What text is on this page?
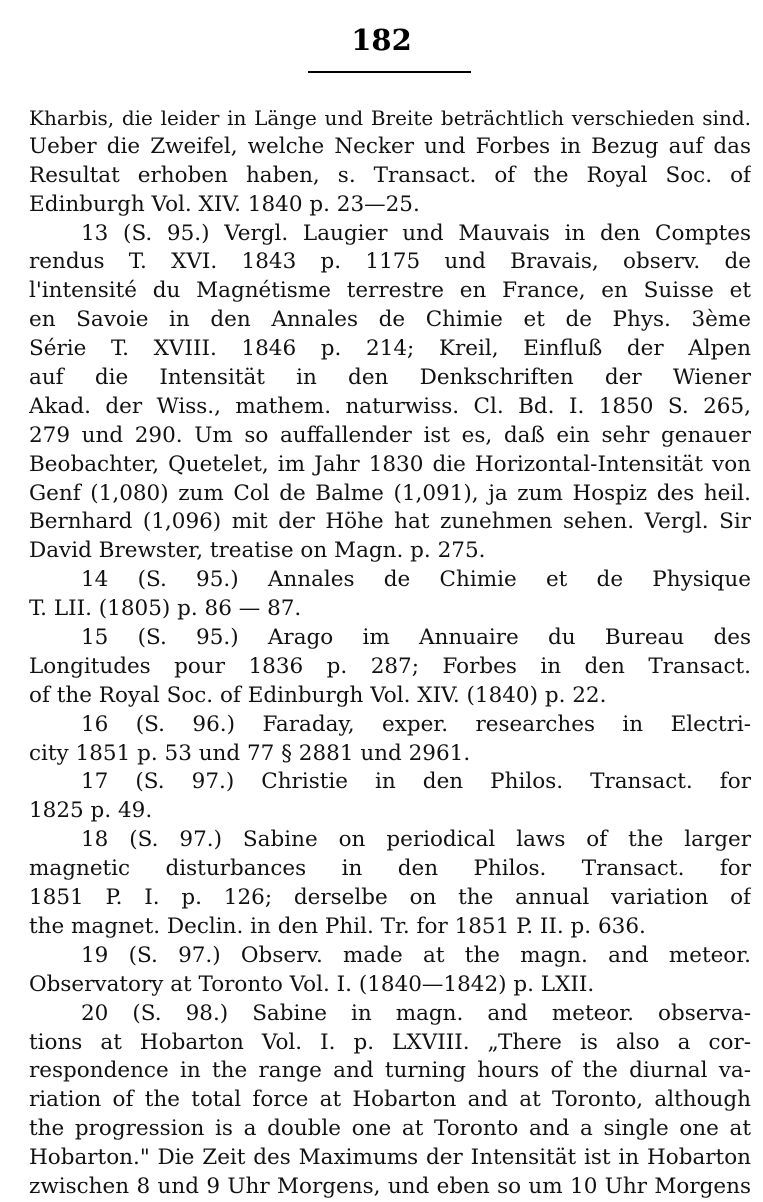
182
Kharbis, die leider in Länge und Breite beträchtlich verschieden sind.
Ueber die Zweifel, welche Necker und Forbes in Bezug auf das
Resultat erhoben haben, s. Transact. of the Royal Soc. of
Edinburgh Vol. XIV. 1840 p. 23—25.
13 (S. 95.) Vergl. Laugier und Mauvais in den Comptes
rendus T. XVI. 1843 p. 1175 und Bravais, observ. de
l'intensité du Magnétisme terrestre en France, en Suisse et
en Savoie in den Annales de Chimie et de Phys. 3ème
Série T. XVIII. 1846 p. 214; Kreil, Einfluß der Alpen
auf die Intensität in den Denkschriften der Wiener
Akad. der Wiss., mathem. naturwiss. Cl. Bd. I. 1850 S. 265,
279 und 290. Um so auffallender ist es, daß ein sehr genauer
Beobachter, Quetelet, im Jahr 1830 die Horizontal-Intensität von
Genf (1,080) zum Col de Balme (1,091), ja zum Hospiz des heil.
Bernhard (1,096) mit der Höhe hat zunehmen sehen. Vergl. Sir
David Brewster, treatise on Magn. p. 275.
14 (S. 95.) Annales de Chimie et de Physique
T. LII. (1805) p. 86 — 87.
15 (S. 95.) Arago im Annuaire du Bureau des
Longitudes pour 1836 p. 287; Forbes in den Transact.
of the Royal Soc. of Edinburgh Vol. XIV. (1840) p. 22.
16 (S. 96.) Faraday, exper. researches in Electri-
city 1851 p. 53 und 77 § 2881 und 2961.
17 (S. 97.) Christie in den Philos. Transact. for
1825 p. 49.
18 (S. 97.) Sabine on periodical laws of the larger
magnetic disturbances in den Philos. Transact. for
1851 P. I. p. 126; derselbe on the annual variation of
the magnet. Declin. in den Phil. Tr. for 1851 P. II. p. 636.
19 (S. 97.) Observ. made at the magn. and meteor.
Observatory at Toronto Vol. I. (1840—1842) p. LXII.
20 (S. 98.) Sabine in magn. and meteor. observa-
tions at Hobarton Vol. I. p. LXVIII. „There is also a cor-
respondence in the range and turning hours of the diurnal va-
riation of the total force at Hobarton and at Toronto, although
the progression is a double one at Toronto and a single one at
Hobarton." Die Zeit des Maximums der Intensität ist in Hobarton
zwischen 8 und 9 Uhr Morgens, und eben so um 10 Uhr Morgens
